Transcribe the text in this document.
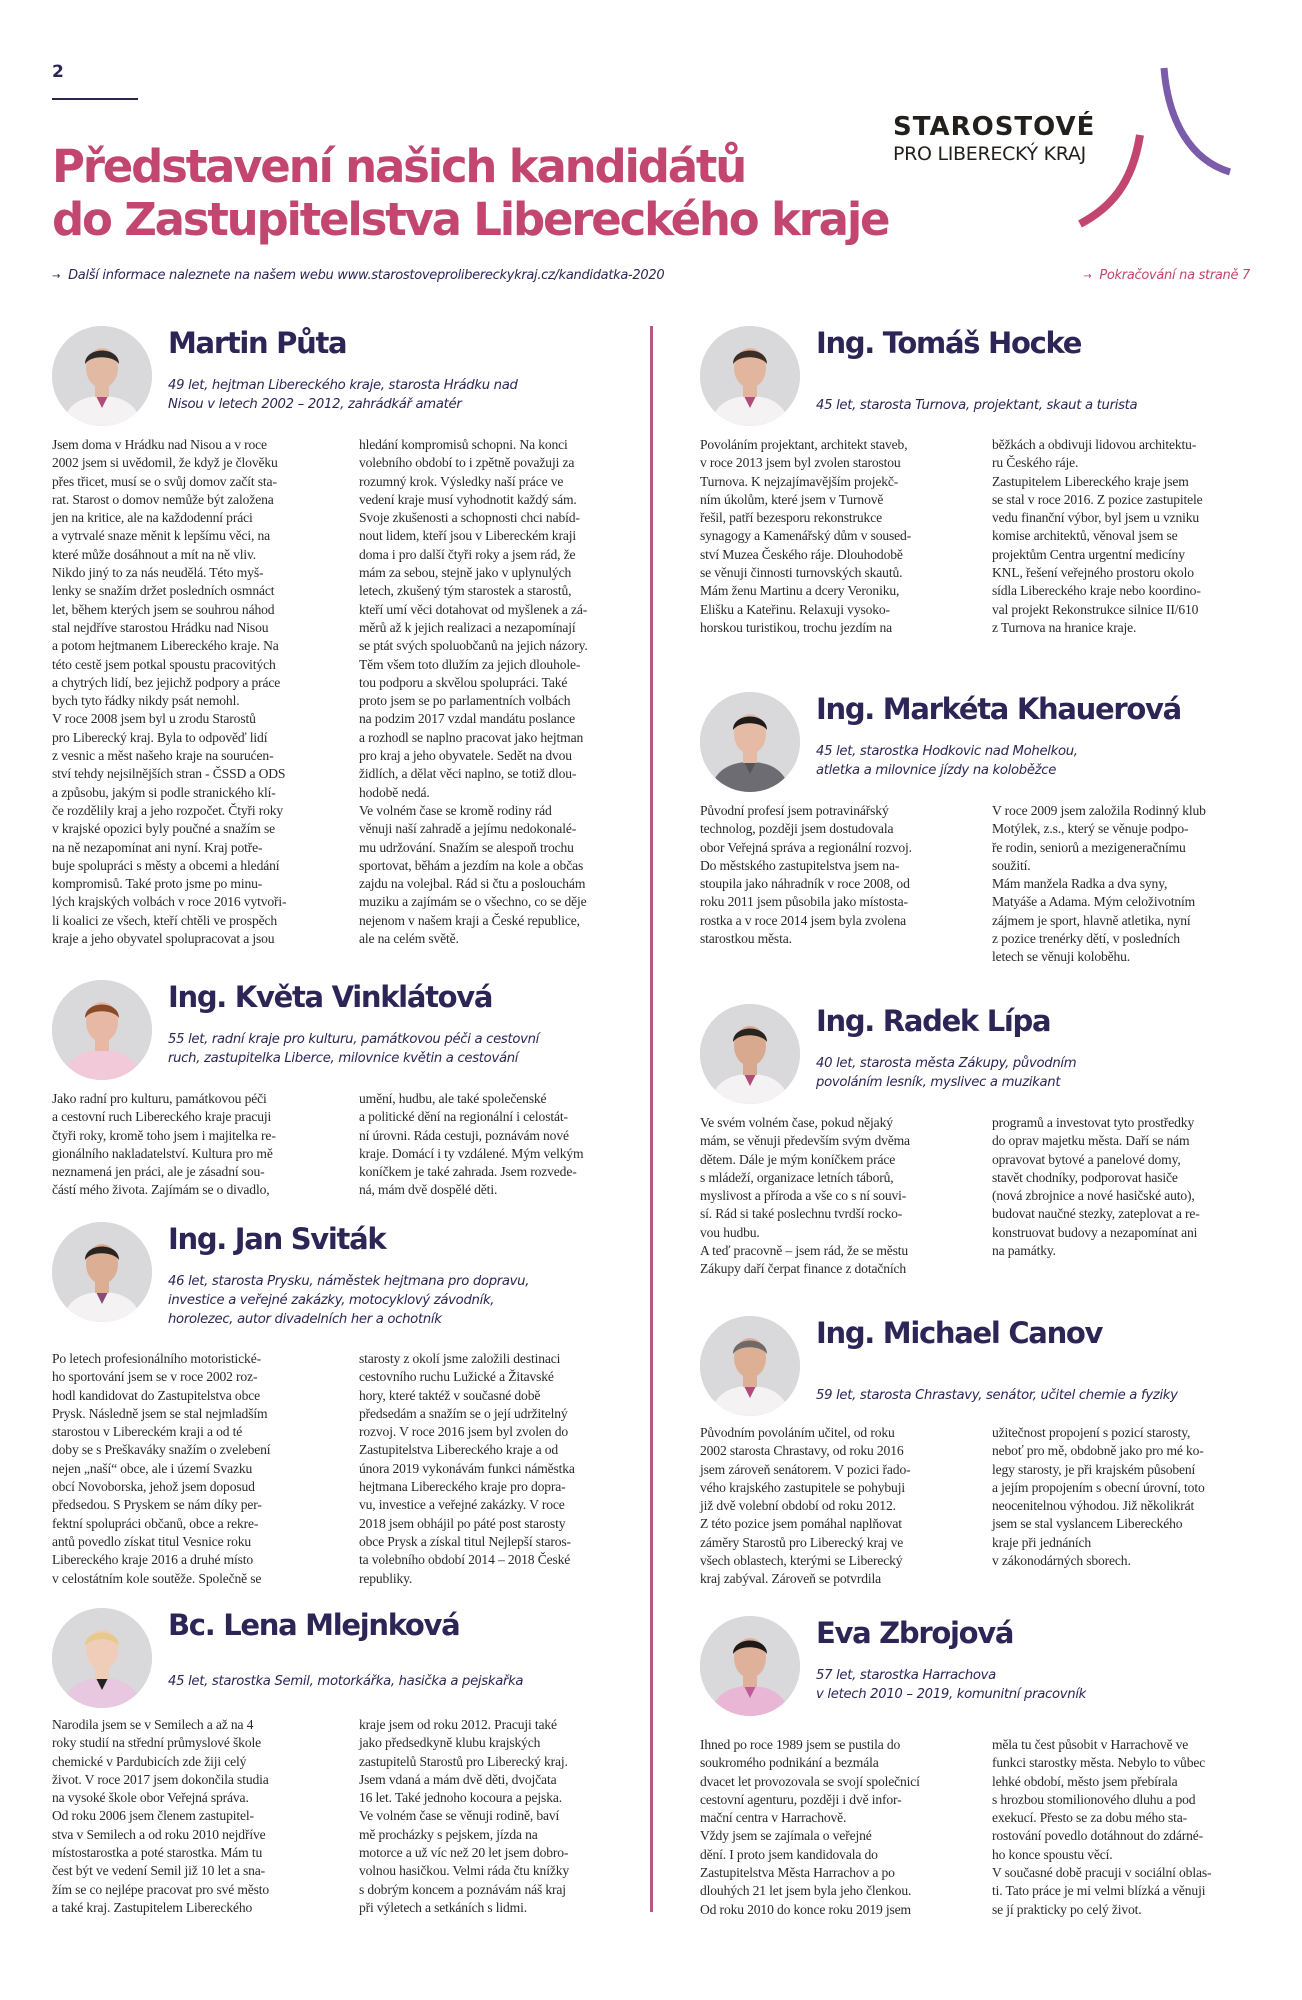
2
Představení našich kandidátů
do Zastupitelstva Libereckého kraje
STAROSTOVÉ
PRO LIBERECKÝ KRAJ
→ Další informace naleznete na našem webu www.starostoveprolibereckykraj.cz/kandidatka-2020	→ Pokračování na straně 7
Martin Půta
49 let, hejtman Libereckého kraje, starosta Hrádku nad
Nisou v letech 2002 – 2012, zahrádkář amatér
Jsem doma v Hrádku nad Nisou a v roce
2002 jsem si uvědomil, že když je člověku
přes třicet, musí se o svůj domov začít sta-
rat. Starost o domov nemůže být založena
jen na kritice, ale na každodenní práci
a vytrvalé snaze měnit k lepšímu věci, na
které může dosáhnout a mít na ně vliv.
Nikdo jiný to za nás neudělá. Této myš-
lenky se snažím držet posledních osmnáct
let, během kterých jsem se souhrou náhod
stal nejdříve starostou Hrádku nad Nisou
a potom hejtmanem Libereckého kraje. Na
této cestě jsem potkal spoustu pracovitých
a chytrých lidí, bez jejichž podpory a práce
bych tyto řádky nikdy psát nemohl.
V roce 2008 jsem byl u zrodu Starostů
pro Liberecký kraj. Byla to odpověď lidí
z vesnic a měst našeho kraje na sourućen-
ství tehdy nejsilnějších stran - ČSSD a ODS
a způsobu, jakým si podle stranického klí-
če rozdělily kraj a jeho rozpočet. Čtyři roky
v krajské opozici byly poučné a snažím se
na ně nezapomínat ani nyní. Kraj potře-
buje spolupráci s městy a obcemi a hledání
kompromisů. Také proto jsme po minu-
lých krajských volbách v roce 2016 vytvoři-
li koalici ze všech, kteří chtěli ve prospěch
kraje a jeho obyvatel spolupracovat a jsou
hledání kompromisů schopni. Na konci
volebního období to i zpětně považuji za
rozumný krok. Výsledky naší práce ve
vedení kraje musí vyhodnotit každý sám.
Svoje zkušenosti a schopnosti chci nabíd-
nout lidem, kteří jsou v Libereckém kraji
doma i pro další čtyři roky a jsem rád, že
mám za sebou, stejně jako v uplynulých
letech, zkušený tým starostek a starostů,
kteří umí věci dotahovat od myšlenek a zá-
měrů až k jejich realizaci a nezapomínají
se ptát svých spoluobčanů na jejich názory.
Těm všem toto dlužím za jejich dlouhole-
tou podporu a skvělou spolupráci. Také
proto jsem se po parlamentních volbách
na podzim 2017 vzdal mandátu poslance
a rozhodl se naplno pracovat jako hejtman
pro kraj a jeho obyvatele. Sedět na dvou
židlích, a dělat věci naplno, se totiž dlou-
hodobě nedá.
Ve volném čase se kromě rodiny rád
věnuji naší zahradě a jejímu nedokonalé-
mu udržování. Snažím se alespoň trochu
sportovat, běhám a jezdím na kole a občas
zajdu na volejbal. Rád si čtu a poslouchám
muziku a zajímám se o všechno, co se děje
nejenom v našem kraji a České republice,
ale na celém světě.
Ing. Květa Vinklátová
55 let, radní kraje pro kulturu, památkovou péči a cestovní
ruch, zastupitelka Liberce, milovnice květin a cestování
Jako radní pro kulturu, památkovou péči
a cestovní ruch Libereckého kraje pracuji
čtyři roky, kromě toho jsem i majitelka re-
gionálního nakladatelství. Kultura pro mě
neznamená jen práci, ale je zásadní sou-
částí mého života. Zajímám se o divadlo,
umění, hudbu, ale také společenské
a politické dění na regionální i celostát-
ní úrovni. Ráda cestuji, poznávám nové
kraje. Domácí i ty vzdálené. Mým velkým
koníčkem je také zahrada. Jsem rozvede-
ná, mám dvě dospělé děti.
Ing. Jan Sviták
46 let, starosta Prysku, náměstek hejtmana pro dopravu,
investice a veřejné zakázky, motocyklový závodník,
horolezec, autor divadelních her a ochotník
Po letech profesionálního motoristické-
ho sportování jsem se v roce 2002 roz-
hodl kandidovat do Zastupitelstva obce
Prysk. Následně jsem se stal nejmladším
starostou v Libereckém kraji a od té
doby se s Preškaváky snažím o zvelebení
nejen „naší“ obce, ale i území Svazku
obcí Novoborska, jehož jsem doposud
předsedou. S Pryskem se nám díky per-
fektní spolupráci občanů, obce a rekre-
antů povedlo získat titul Vesnice roku
Libereckého kraje 2016 a druhé místo
v celostátním kole soutěže. Společně se
starosty z okolí jsme založili destinaci
cestovního ruchu Lužické a Žitavské
hory, které taktéž v současné době
předsedám a snažím se o její udržitelný
rozvoj. V roce 2016 jsem byl zvolen do
Zastupitelstva Libereckého kraje a od
února 2019 vykonávám funkci náměstka
hejtmana Libereckého kraje pro dopra-
vu, investice a veřejné zakázky. V roce
2018 jsem obhájil po páté post starosty
obce Prysk a získal titul Nejlepší staros-
ta volebního období 2014 – 2018 České
republiky.
Bc. Lena Mlejnková
45 let, starostka Semil, motorkářka, hasička a pejskařka
Narodila jsem se v Semilech a až na 4
roky studií na střední průmyslové škole
chemické v Pardubicích zde žiji celý
život. V roce 2017 jsem dokončila studia
na vysoké škole obor Veřejná správa.
Od roku 2006 jsem členem zastupitel-
stva v Semilech a od roku 2010 nejdříve
místostarostka a poté starostka. Mám tu
čest být ve vedení Semil již 10 let a sna-
žím se co nejlépe pracovat pro své město
a také kraj. Zastupitelem Libereckého
kraje jsem od roku 2012. Pracuji také
jako předsedkyně klubu krajských
zastupitelů Starostů pro Liberecký kraj.
Jsem vdaná a mám dvě děti, dvojčata
16 let. Také jednoho kocoura a pejska.
Ve volném čase se věnuji rodině, baví
mě procházky s pejskem, jízda na
motorce a už víc než 20 let jsem dobro-
volnou hasičkou. Velmi ráda čtu knížky
s dobrým koncem a poznávám náš kraj
při výletech a setkáních s lidmi.
Ing. Tomáš Hocke
45 let, starosta Turnova, projektant, skaut a turista
Povoláním projektant, architekt staveb,
v roce 2013 jsem byl zvolen starostou
Turnova. K nejzajímavějším projekč-
ním úkolům, které jsem v Turnově
řešil, patří bezesporu rekonstrukce
synagogy a Kamenářský dům v soused-
ství Muzea Českého ráje. Dlouhodobě
se věnuji činnosti turnovských skautů.
Mám ženu Martinu a dcery Veroniku,
Elišku a Kateřinu. Relaxuji vysoko-
horskou turistikou, trochu jezdím na
běžkách a obdivuji lidovou architektu-
ru Českého ráje.
Zastupitelem Libereckého kraje jsem
se stal v roce 2016. Z pozice zastupitele
vedu finanční výbor, byl jsem u vzniku
komise architektů, věnoval jsem se
projektům Centra urgentní medicíny
KNL, řešení veřejného prostoru okolo
sídla Libereckého kraje nebo koordino-
val projekt Rekonstrukce silnice II/610
z Turnova na hranice kraje.
Ing. Markéta Khauerová
45 let, starostka Hodkovic nad Mohelkou,
atletka a milovnice jízdy na koloběžce
Původní profesí jsem potravinářský
technolog, později jsem dostudovala
obor Veřejná správa a regionální rozvoj.
Do městského zastupitelstva jsem na-
stoupila jako náhradník v roce 2008, od
roku 2011 jsem působila jako místosta-
rostka a v roce 2014 jsem byla zvolena
starostkou města.
V roce 2009 jsem založila Rodinný klub
Motýlek, z.s., který se věnuje podpo-
ře rodin, seniorů a mezigeneračnímu
soužití.
Mám manžela Radka a dva syny,
Matyáše a Adama. Mým celoživotním
zájmem je sport, hlavně atletika, nyní
z pozice trenérky dětí, v posledních
letech se věnuji koloběhu.
Ing. Radek Lípa
40 let, starosta města Zákupy, původním
povoláním lesník, myslivec a muzikant
Ve svém volném čase, pokud nějaký
mám, se věnuji především svým dvěma
dětem. Dále je mým koníčkem práce
s mládeží, organizace letních táborů,
myslivost a příroda a vše co s ní souvi-
sí. Rád si také poslechnu tvrdší rocko-
vou hudbu.
A teď pracovně – jsem rád, že se městu
Zákupy daří čerpat finance z dotačních
programů a investovat tyto prostředky
do oprav majetku města. Daří se nám
opravovat bytové a panelové domy,
stavět chodníky, podporovat hasiče
(nová zbrojnice a nové hasičské auto),
budovat naučné stezky, zateplovat a re-
konstruovat budovy a nezapomínat ani
na památky.
Ing. Michael Canov
59 let, starosta Chrastavy, senátor, učitel chemie a fyziky
Původním povoláním učitel, od roku
2002 starosta Chrastavy, od roku 2016
jsem zároveň senátorem. V pozici řado-
vého krajského zastupitele se pohybuji
již dvě volební období od roku 2012.
Z této pozice jsem pomáhal naplňovat
záměry Starostů pro Liberecký kraj ve
všech oblastech, kterými se Liberecký
kraj zabýval. Zároveň se potvrdila
užitečnost propojení s pozicí starosty,
neboť pro mě, obdobně jako pro mé ko-
legy starosty, je při krajském působení
a jejím propojením s obecní úrovní, toto
neocenitelnou výhodou. Již několikrát
jsem se stal vyslancem Libereckého
kraje při jednáních
v zákonodárných sborech.
Eva Zbrojová
57 let, starostka Harrachova
v letech 2010 – 2019, komunitní pracovník
Ihned po roce 1989 jsem se pustila do
soukromého podnikání a bezmála
dvacet let provozovala se svojí společnicí
cestovní agenturu, později i dvě infor-
mační centra v Harrachově.
Vždy jsem se zajímala o veřejné
dění. I proto jsem kandidovala do
Zastupitelstva Města Harrachov a po
dlouhých 21 let jsem byla jeho členkou.
Od roku 2010 do konce roku 2019 jsem
měla tu čest působit v Harrachově ve
funkci starostky města. Nebylo to vůbec
lehké období, město jsem přebírala
s hrozbou stomilionového dluhu a pod
exekucí. Přesto se za dobu mého sta-
rostování povedlo dotáhnout do zdárné-
ho konce spoustu věcí.
V současné době pracuji v sociální oblas-
ti. Tato práce je mi velmi blízká a věnuji
se jí prakticky po celý život.
